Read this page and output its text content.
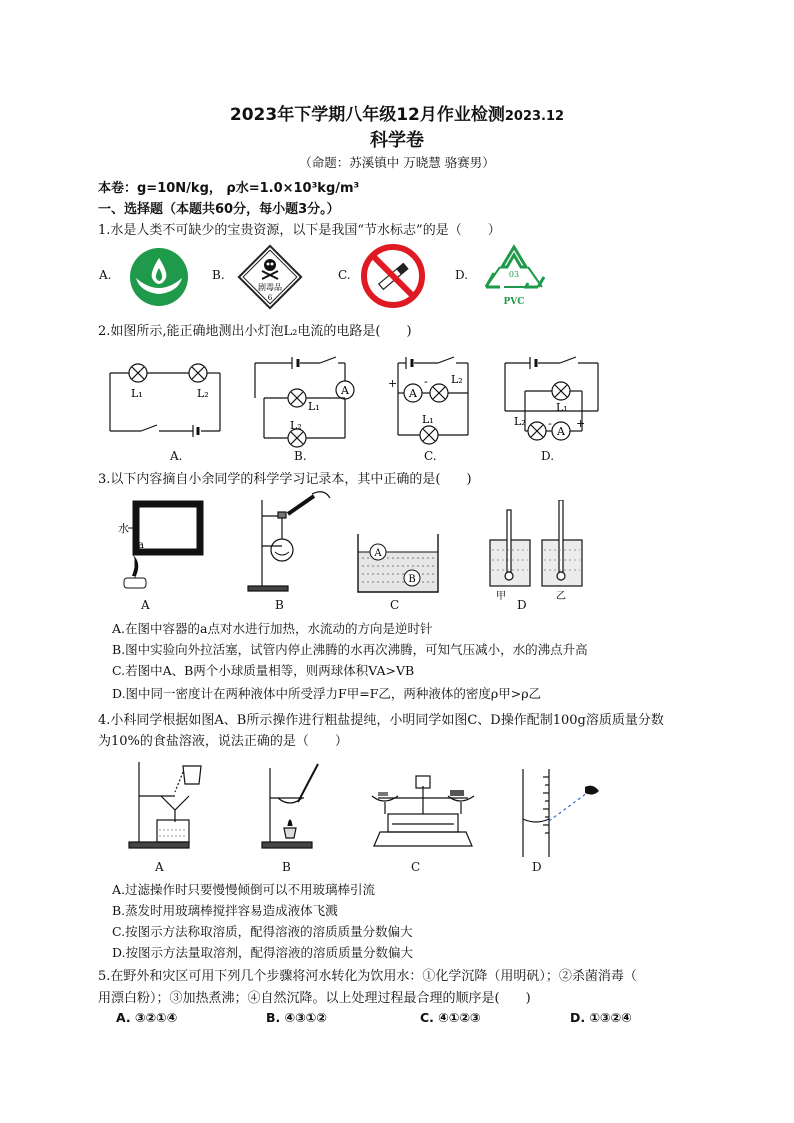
2023年下学期八年级12月作业检测2023.12
科学卷
（命题：苏溪镇中 万晓慧 骆赛男）
本卷：g=10N/kg， ρ水=1.0×10³kg/m³
一、选择题（本题共60分，每小题3分。）
1.水是人类不可缺少的宝贵资源，以下是我国“节水标志”的是（　　）
A.	B.	C.	D.
剧毒品
6
03
PVC
2.如图所示,能正确地测出小灯泡L₂电流的电路是(　　)
L₁	L₂	A
L₁
L₂
A
+ - L₂
L₁
A
+
-
L₁
L₂
A.	B.	C.	D.
3.以下内容摘自小余同学的科学学习记录本，其中正确的是(　　)
水
a
A
B
甲	乙
A	B	C	D
A.在图中容器的a点对水进行加热，水流动的方向是逆时针
B.图中实验向外拉活塞，试管内停止沸腾的水再次沸腾，可知气压减小，水的沸点升高
C.若图中A、B两个小球质量相等，则两球体积VA>VB
D.图中同一密度计在两种液体中所受浮力F甲=F乙，两种液体的密度ρ甲>ρ乙
4.小科同学根据如图A、B所示操作进行粗盐提纯，小明同学如图C、D操作配制100g溶质质量分数
为10%的食盐溶液，说法正确的是（　　）
A	B	C	D
A.过滤操作时只要慢慢倾倒可以不用玻璃棒引流
B.蒸发时用玻璃棒搅拌容易造成液体飞溅
C.按图示方法称取溶质，配得溶液的溶质质量分数偏大
D.按图示方法量取溶剂，配得溶液的溶质质量分数偏大
5.在野外和灾区可用下列几个步骤将河水转化为饮用水：①化学沉降（用明矾）；②杀菌消毒（
用漂白粉）；③加热煮沸；④自然沉降。以上处理过程最合理的顺序是(　　)
A. ③②①④	B. ④③①②	C. ④①②③	D. ①③②④
